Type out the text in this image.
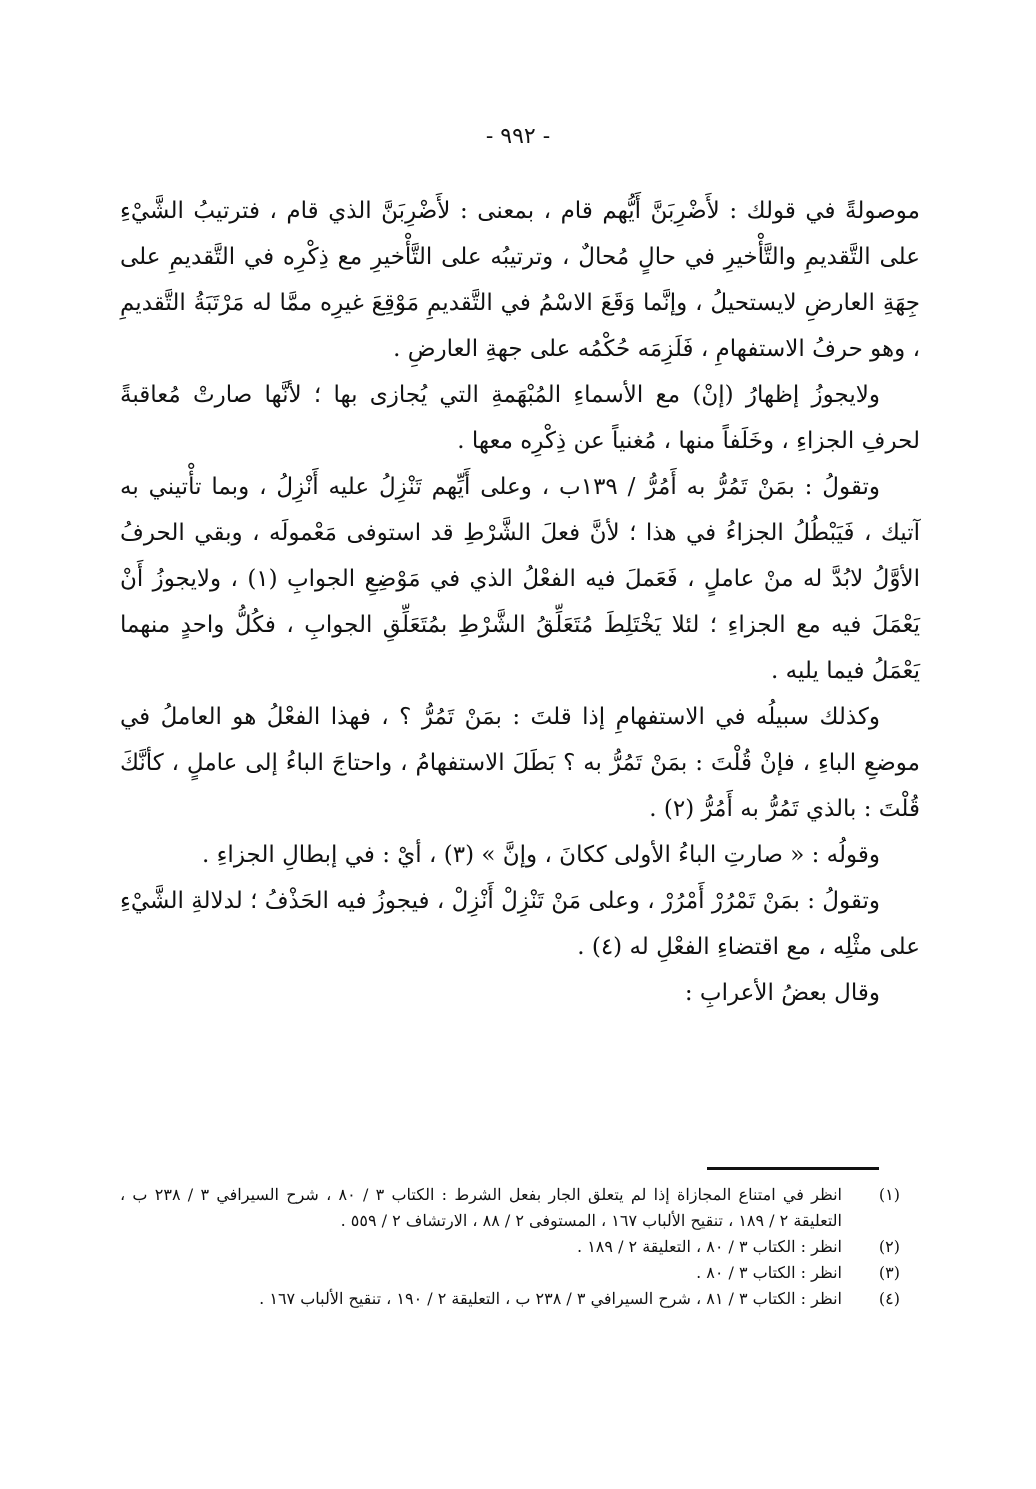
- ٩٩٢ -

موصولةً في قولك : لأَضْرِبَنَّ أَيُّهم قام ، بمعنى : لأَضْرِبَنَّ الذي قام ، فترتيبُ الشَّيْءِ على التَّقديمِ والتَّأْخيرِ في حالٍ مُحالٌ ، وترتيبُه على التَّأْخيرِ مع ذِكْرِه في التَّقديمِ على جِهَةِ العارضِ لايستحيلُ ، وإنَّما وَقَعَ الاسْمُ في التَّقديمِ مَوْقِعَ غيرِه ممَّا له مَرْتَبَةُ التَّقديمِ ، وهو حرفُ الاستفهامِ ، فَلَزِمَه حُكْمُه على جهةِ العارضِ .

ولايجوزُ إظهارُ (إنْ) مع الأسماءِ المُبْهَمةِ التي يُجازى بها ؛ لأنَّها صارتْ مُعاقبةً لحرفِ الجزاءِ ، وخَلَفاً منها ، مُغنياً عن ذِكْرِه معها .

وتقولُ : بمَنْ تَمُرُّ به أَمُرُّ / ١٣٩ب ، وعلى أَيِّهم تَنْزِلُ عليه أَنْزِلُ ، وبما تأْتيني به آتيك ، فَيَبْطُلُ الجزاءُ في هذا ؛ لأنَّ فعلَ الشَّرْطِ قد استوفى مَعْمولَه ، وبقي الحرفُ الأوَّلُ لابُدَّ له منْ عاملٍ ، فَعَملَ فيه الفعْلُ الذي في مَوْضِعِ الجوابِ (١) ، ولايجوزُ أَنْ يَعْمَلَ فيه مع الجزاءِ ؛ لئلا يَخْتَلِطَ مُتَعَلِّقُ الشَّرْطِ بمُتَعَلِّقِ الجوابِ ، فكُلُّ واحدٍ منهما يَعْمَلُ فيما يليه .

وكذلك سبيلُه في الاستفهامِ إذا قلتَ : بمَنْ تَمُرُّ ؟ ، فهذا الفعْلُ هو العاملُ في موضعِ الباءِ ، فإنْ قُلْتَ : بمَنْ تَمُرُّ به ؟ بَطَلَ الاستفهامُ ، واحتاجَ الباءُ إلى عاملٍ ، كأنَّكَ قُلْتَ : بالذي تَمُرُّ به أَمُرُّ (٢) .

وقولُه : « صارتِ الباءُ الأولى ككانَ ، وإنَّ » (٣) ، أيْ : في إبطالِ الجزاءِ .

وتقولُ : بمَنْ تَمْرُرْ أَمْرُرْ ، وعلى مَنْ تَنْزِلْ أَنْزِلْ ، فيجوزُ فيه الحَذْفُ ؛ لدلالةِ الشَّيْءِ على مثْلِه ، مع اقتضاءِ الفعْلِ له (٤) .

وقال بعضُ الأعرابِ :

(١)
انظر في امتناع المجازاة إذا لم يتعلق الجار بفعل الشرط : الكتاب ٣ / ٨٠ ، شرح السيرافي ٣ / ٢٣٨ ب ، التعليقة ٢ / ١٨٩ ، تنقيح الألباب ١٦٧ ، المستوفى ٢ / ٨٨ ، الارتشاف ٢ / ٥٥٩ .
(٢)
انظر : الكتاب ٣ / ٨٠ ، التعليقة ٢ / ١٨٩ .
(٣)
انظر : الكتاب ٣ / ٨٠ .
(٤)
انظر : الكتاب ٣ / ٨١ ، شرح السيرافي ٣ / ٢٣٨ ب ، التعليقة ٢ / ١٩٠ ، تنقيح الألباب ١٦٧ .
